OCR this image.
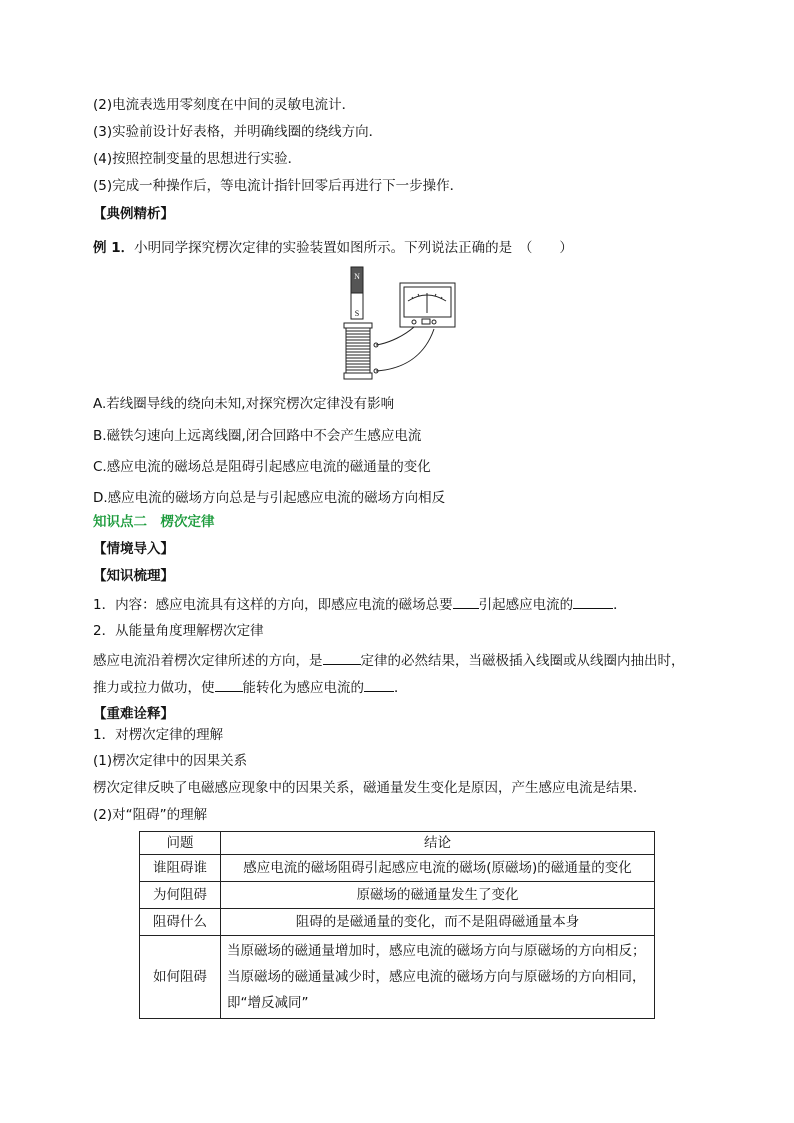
(2)电流表选用零刻度在中间的灵敏电流计．
(3)实验前设计好表格，并明确线圈的绕线方向．
(4)按照控制变量的思想进行实验．
(5)完成一种操作后，等电流计指针回零后再进行下一步操作．
【典例精析】
例 1．小明同学探究楞次定律的实验装置如图所示。下列说法正确的是　（　　）
N
S
A.若线圈导线的绕向未知,对探究楞次定律没有影响
B.磁铁匀速向上远离线圈,闭合回路中不会产生感应电流
C.感应电流的磁场总是阻碍引起感应电流的磁通量的变化
D.感应电流的磁场方向总是与引起感应电流的磁场方向相反
知识点二　楞次定律
【情境导入】
【知识梳理】
1．内容：感应电流具有这样的方向，即感应电流的磁场总要 引起感应电流的	．
2．从能量角度理解楞次定律
感应电流沿着楞次定律所述的方向，是	定律的必然结果，当磁极插入线圈或从线圈内抽出时，
推力或拉力做功，使 能转化为感应电流的 ．
【重难诠释】
1．对楞次定律的理解
(1)楞次定律中的因果关系
楞次定律反映了电磁感应现象中的因果关系，磁通量发生变化是原因，产生感应电流是结果．
(2)对“阻碍”的理解
问题	结论
谁阻碍谁	感应电流的磁场阻碍引起感应电流的磁场(原磁场)的磁通量的变化
为何阻碍	原磁场的磁通量发生了变化
阻碍什么	阻碍的是磁通量的变化，而不是阻碍磁通量本身
如何阻碍	当原磁场的磁通量增加时，感应电流的磁场方向与原磁场的方向相反；当原磁场的磁通量减少时，感应电流的磁场方向与原磁场的方向相同，即“增反减同”
